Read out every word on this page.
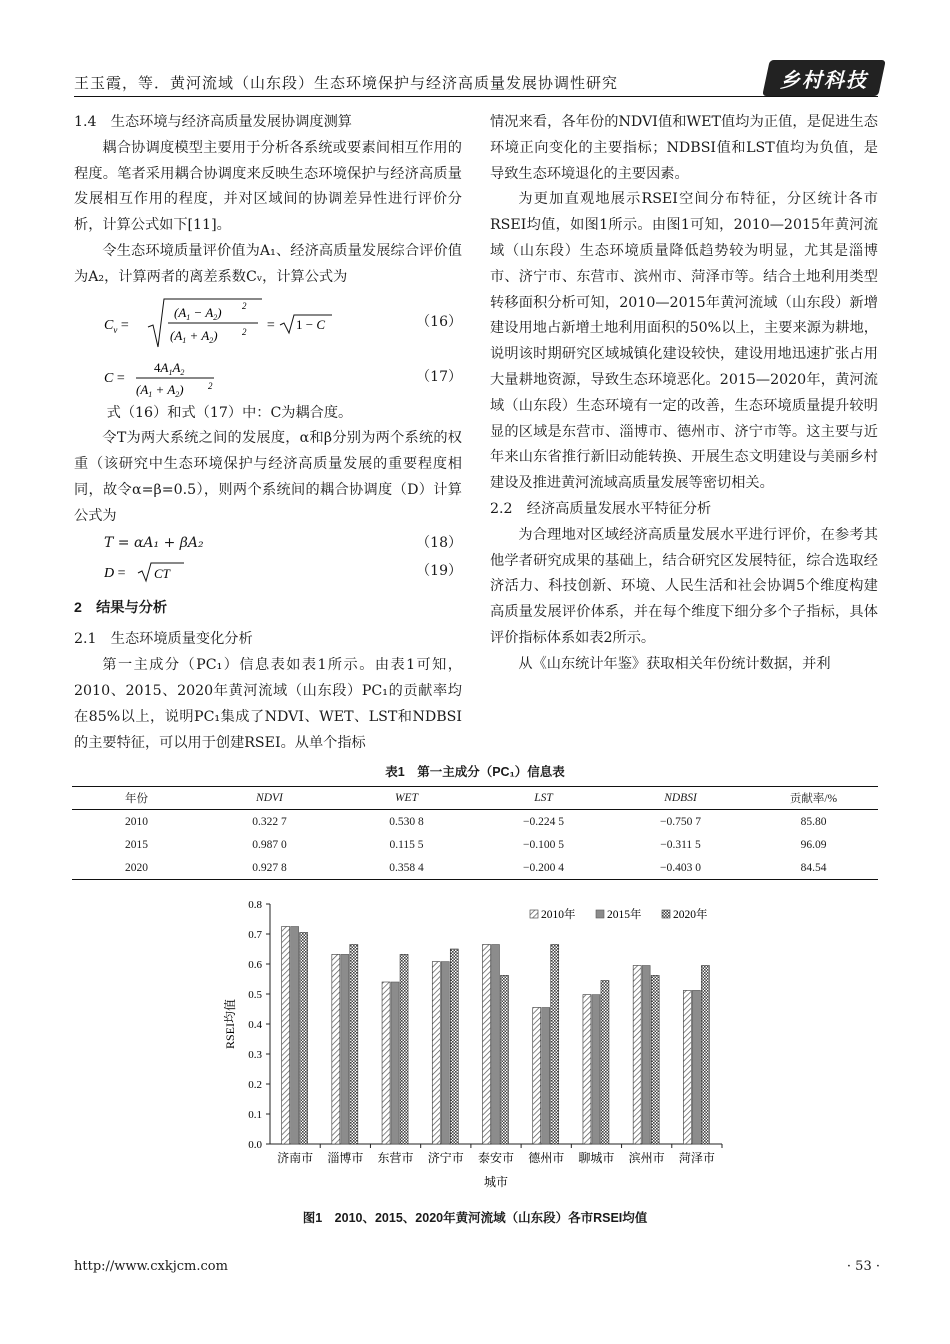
王玉霞，等．黄河流域（山东段）生态环境保护与经济高质量发展协调性研究	乡村科技

1.4　生态环境与经济高质量发展协调度测算

耦合协调度模型主要用于分析各系统或要素间相互作用的程度。笔者采用耦合协调度来反映生态环境保护与经济高质量发展相互作用的程度，并对区域间的协调差异性进行评价分析，计算公式如下[11]。

令生态环境质量评价值为A₁、经济高质量发展综合评价值为A₂，计算两者的离差系数Cᵥ，计算公式为

$C_v$ =
$(A_1 - A_2)$ 2
$(A_1 + A_2)$	2 = 1 − C	（16）
C =
$4A_1A_2$
$(A_1 + A_2)$	2
（17）

式（16）和式（17）中：C为耦合度。

令T为两大系统之间的发展度，α和β分别为两个系统的权重（该研究中生态环境保护与经济高质量发展的重要程度相同，故令α=β=0.5），则两个系统间的耦合协调度（D）计算公式为

T = αA₁ + βA₂	（18）
D = CT	（19）

2　结果与分析

2.1　生态环境质量变化分析

第一主成分（PC₁）信息表如表1所示。由表1可知，2010、2015、2020年黄河流域（山东段）PC₁的贡献率均在85%以上，说明PC₁集成了NDVI、WET、LST和NDBSI的主要特征，可以用于创建RSEI。从单个指标

情况来看，各年份的NDVI值和WET值均为正值，是促进生态环境正向变化的主要指标；NDBSI值和LST值均为负值，是导致生态环境退化的主要因素。

为更加直观地展示RSEI空间分布特征，分区统计各市RSEI均值，如图1所示。由图1可知，2010—2015年黄河流域（山东段）生态环境质量降低趋势较为明显，尤其是淄博市、济宁市、东营市、滨州市、菏泽市等。结合土地利用类型转移面积分析可知，2010—2015年黄河流域（山东段）新增建设用地占新增土地利用面积的50%以上，主要来源为耕地，说明该时期研究区域城镇化建设较快，建设用地迅速扩张占用大量耕地资源，导致生态环境恶化。2015—2020年，黄河流域（山东段）生态环境有一定的改善，生态环境质量提升较明显的区域是东营市、淄博市、德州市、济宁市等。这主要与近年来山东省推行新旧动能转换、开展生态文明建设与美丽乡村建设及推进黄河流域高质量发展等密切相关。

2.2　经济高质量发展水平特征分析

为合理地对区域经济高质量发展水平进行评价，在参考其他学者研究成果的基础上，结合研究区发展特征，综合选取经济活力、科技创新、环境、人民生活和社会协调5个维度构建高质量发展评价体系，并在每个维度下细分多个子指标，具体评价指标体系如表2所示。

从《山东统计年鉴》获取相关年份统计数据，并利

表1　第一主成分（PC₁）信息表
年份	NDVI	WET	LST	NDBSI	贡献率/%
2010	0.322 7	0.530 8	−0.224 5	−0.750 7	85.80
2015	0.987 0	0.115 5	−0.100 5	−0.311 5	96.09
2020	0.927 8	0.358 4	−0.200 4	−0.403 0	84.54
0.0
0.1
0.2
0.3
0.4
0.5
0.6
0.7
0.8
RSEI均值
城市
济南市 淄博市 东营市 济宁市 泰安市 德州市 聊城市 滨州市 菏泽市
2010年	2015年	2020年
图1　2010、2015、2020年黄河流域（山东段）各市RSEI均值
http://www.cxkjcm.com	· 53 ·
